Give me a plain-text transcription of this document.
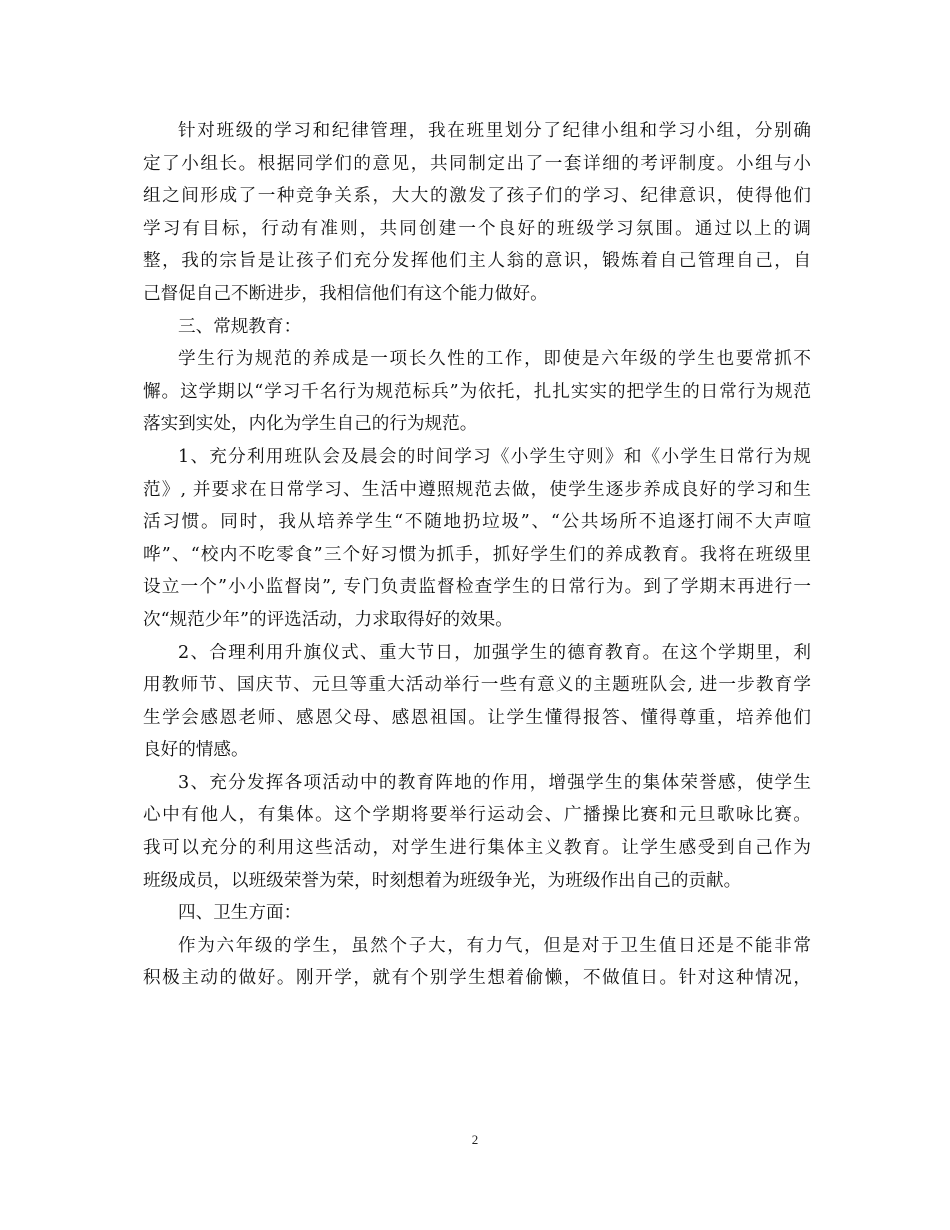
针对班级的学习和纪律管理，我在班里划分了纪律小组和学习小组，分别确
定了小组长。根据同学们的意见，共同制定出了一套详细的考评制度。小组与小
组之间形成了一种竞争关系，大大的激发了孩子们的学习、纪律意识，使得他们
学习有目标，行动有准则，共同创建一个良好的班级学习氛围。通过以上的调
整，我的宗旨是让孩子们充分发挥他们主人翁的意识，锻炼着自己管理自己，自
己督促自己不断进步，我相信他们有这个能力做好。
三、常规教育：
学生行为规范的养成是一项长久性的工作，即使是六年级的学生也要常抓不
懈。这学期以“学习千名行为规范标兵”为依托，扎扎实实的把学生的日常行为规范
落实到实处，内化为学生自己的行为规范。
1、充分利用班队会及晨会的时间学习《小学生守则》和《小学生日常行为规
范》, 并要求在日常学习、生活中遵照规范去做，使学生逐步养成良好的学习和生
活习惯。同时，我从培养学生“不随地扔垃圾”、“公共场所不追逐打闹不大声喧
哗”、“校内不吃零食”三个好习惯为抓手，抓好学生们的养成教育。我将在班级里
设立一个”小小监督岗”, 专门负责监督检查学生的日常行为。到了学期末再进行一
次“规范少年”的评选活动，力求取得好的效果。
2、合理利用升旗仪式、重大节日，加强学生的德育教育。在这个学期里，利
用教师节、国庆节、元旦等重大活动举行一些有意义的主题班队会, 进一步教育学
生学会感恩老师、感恩父母、感恩祖国。让学生懂得报答、懂得尊重，培养他们
良好的情感。
3、充分发挥各项活动中的教育阵地的作用，增强学生的集体荣誉感，使学生
心中有他人，有集体。这个学期将要举行运动会、广播操比赛和元旦歌咏比赛。
我可以充分的利用这些活动，对学生进行集体主义教育。让学生感受到自己作为
班级成员，以班级荣誉为荣，时刻想着为班级争光，为班级作出自己的贡献。
四、卫生方面：
作为六年级的学生，虽然个子大，有力气，但是对于卫生值日还是不能非常
积极主动的做好。刚开学，就有个别学生想着偷懒，不做值日。针对这种情况，
2
